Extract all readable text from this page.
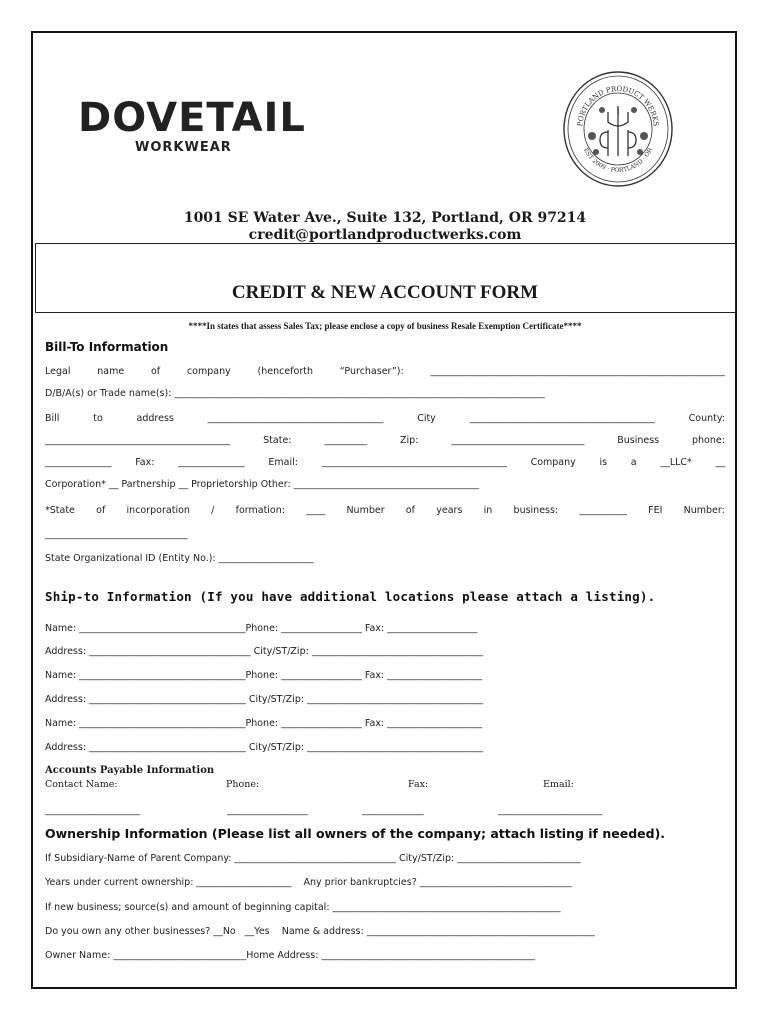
DOVETAIL
WORKWEAR
PORTLAND PRODUCT WERKS
EST 2009 · PORTLAND · OR
1001 SE Water Ave., Suite 132, Portland, OR 97214
credit@portlandproductwerks.com
CREDIT & NEW ACCOUNT FORM
****In states that assess Sales Tax; please enclose a copy of business Resale Exemption Certificate****
Bill-To Information
Legal	name	of	company	(henceforth	“Purchaser”):	______________________________________________________________
D/B/A(s) or Trade name(s): ______________________________________________________________________________
Bill	to	address	_____________________________________	City	_______________________________________	County:
_______________________________________	State:	_________	Zip:	____________________________	Business	phone:
______________ Fax: ______________ Email: _______________________________________ Company is a __LLC* __
Corporation* __ Partnership __ Proprietorship Other: _______________________________________
*State of incorporation / formation: ____ Number of years in business: __________ FEI Number:
______________________________
State Organizational ID (Entity No.): ____________________
Ship-to Information (If you have additional locations please attach a listing).
Name: ___________________________________Phone: _________________ Fax: ___________________
Address: __________________________________ City/ST/Zip: ____________________________________
Name: ___________________________________Phone: _________________ Fax: ____________________
Address: _________________________________ City/ST/Zip: _____________________________________
Name: ___________________________________Phone: _________________ Fax: ____________________
Address: _________________________________ City/ST/Zip: _____________________________________
Accounts Payable Information
Contact Name:	Phone:	Fax:	Email:
____________________	_________________	_____________	______________________
Ownership Information (Please list all owners of the company; attach listing if needed).
If Subsidiary-Name of Parent Company: __________________________________ City/ST/Zip: __________________________
Years under current ownership: ____________________    Any prior bankruptcies? ________________________________
If new business; source(s) and amount of beginning capital: ________________________________________________
Do you own any other businesses? __No   __Yes    Name & address: ________________________________________________
Owner Name: ____________________________Home Address: _____________________________________________
